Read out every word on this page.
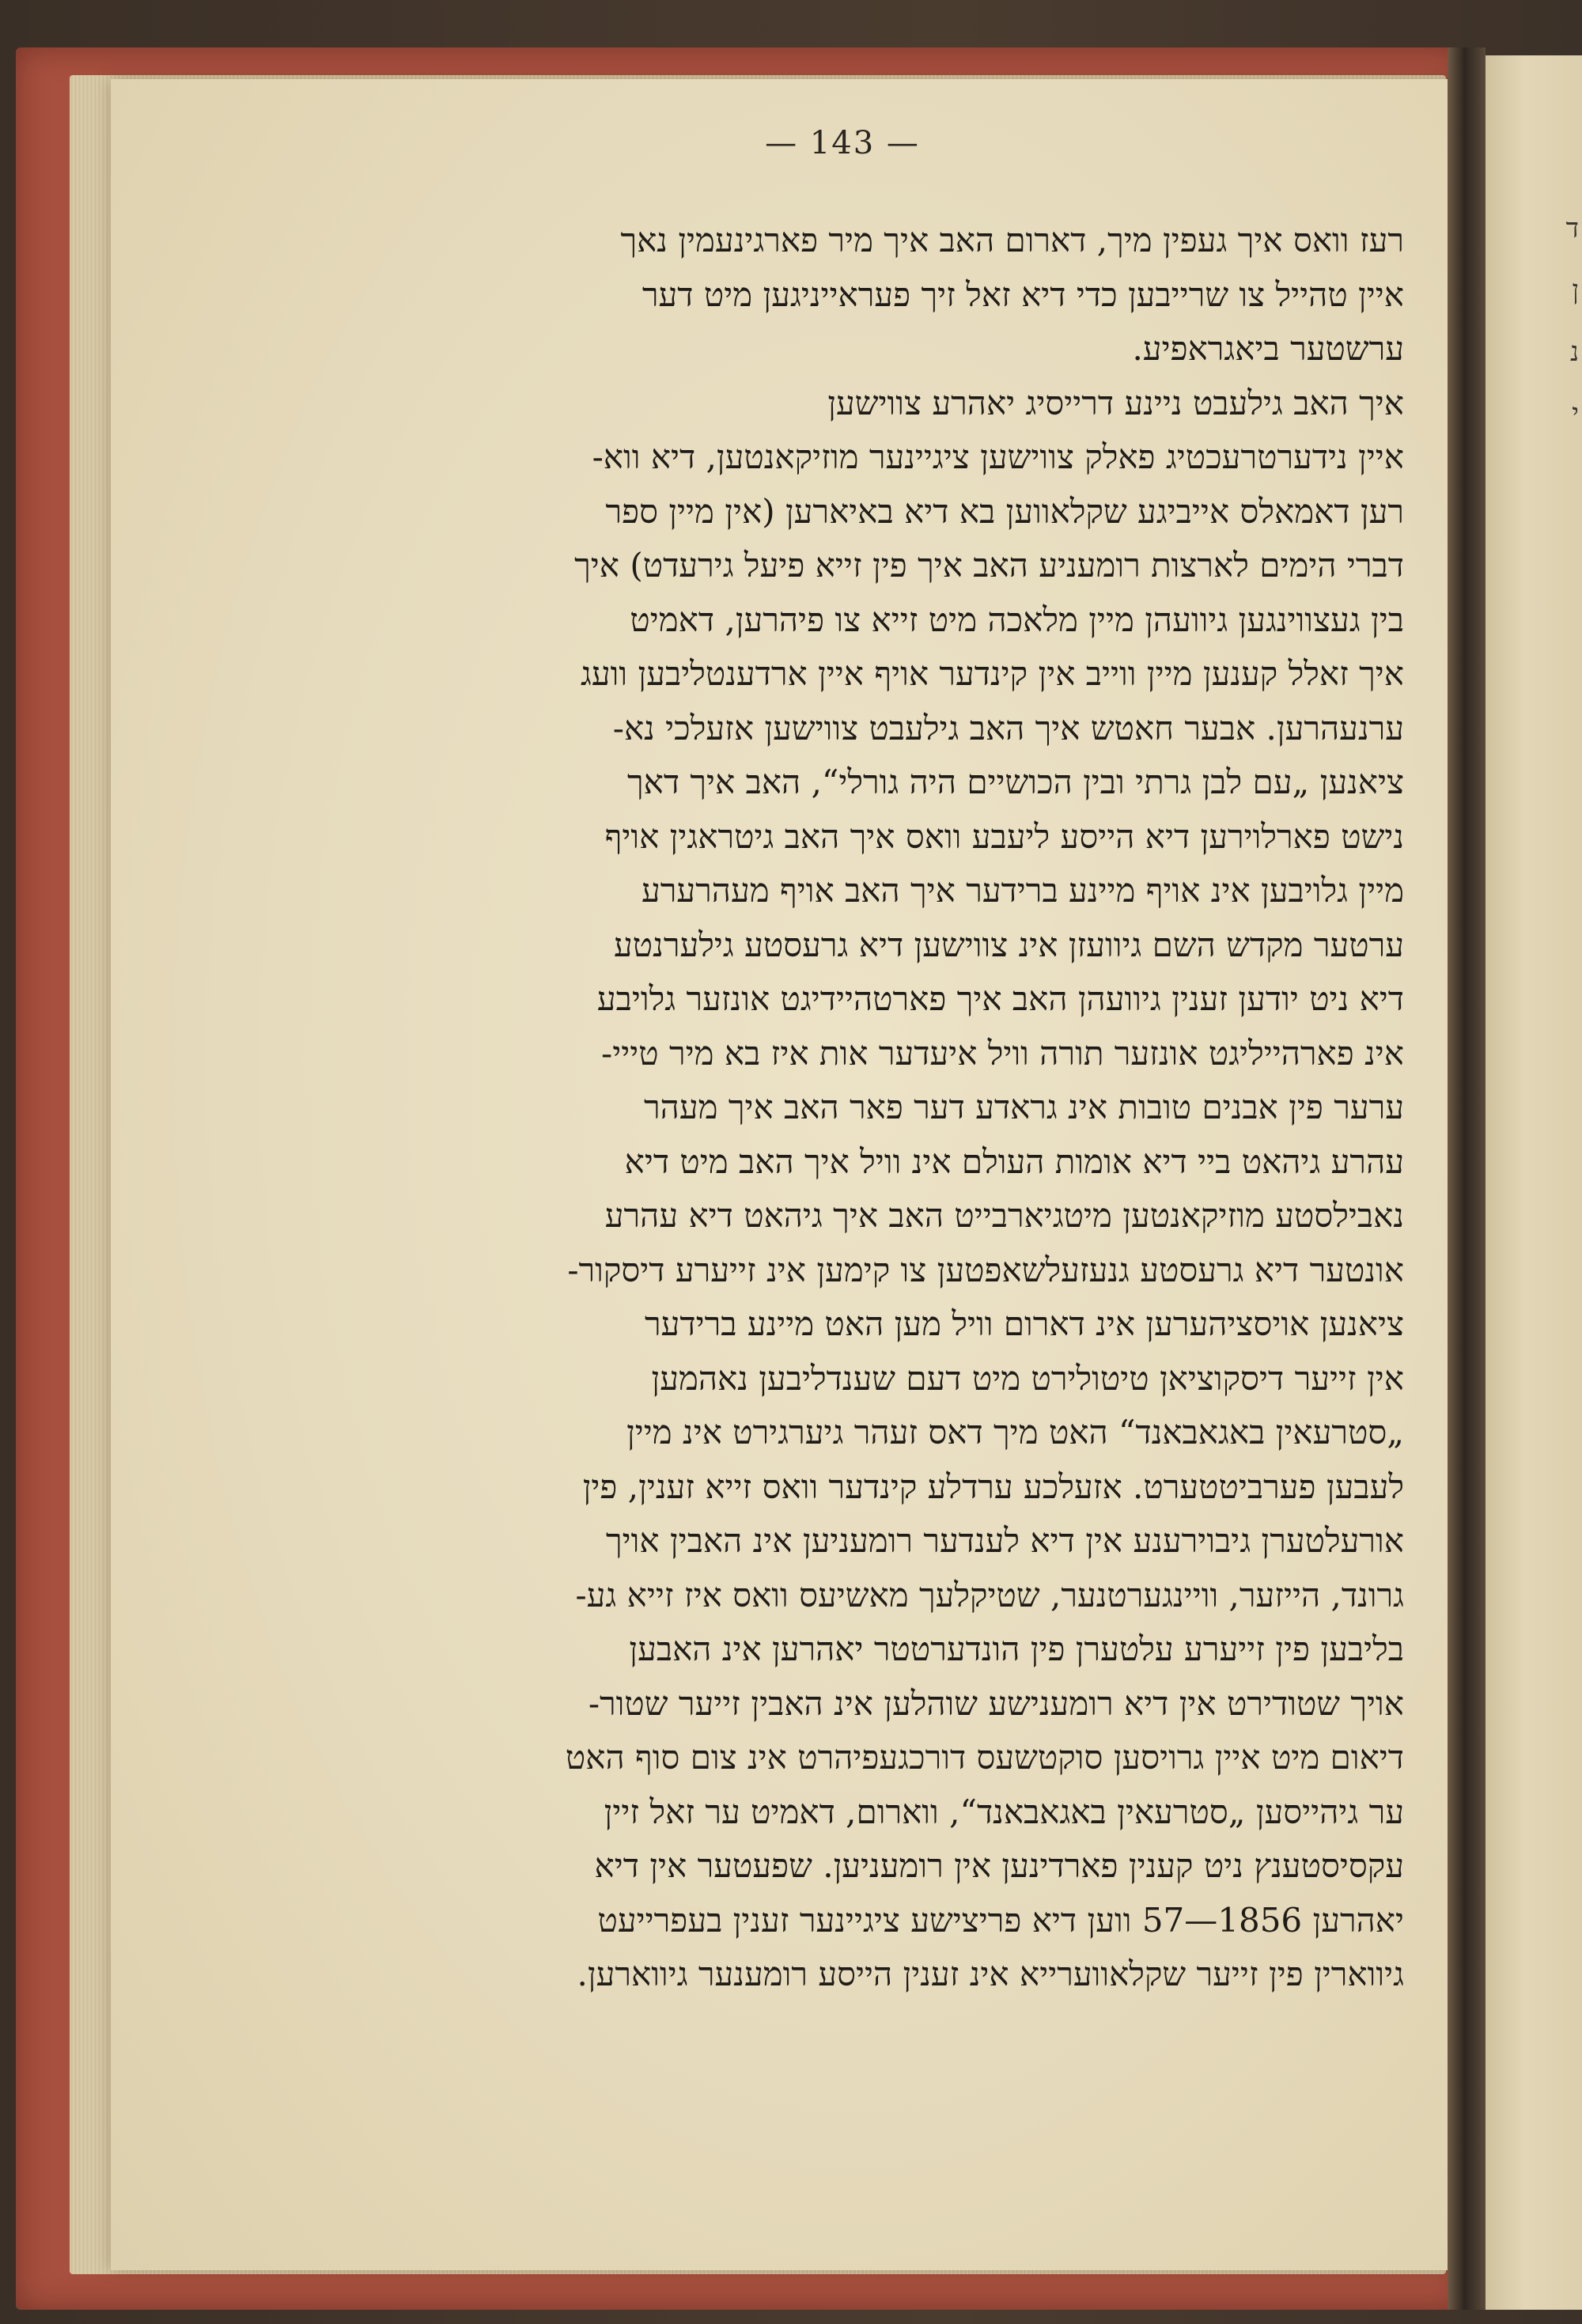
ד
ן
נ
י
— 143 —
רעז וואס איך געפין מיך, דארום האב איך מיר פארגינעמין נאך
איין טהייל צו שרייבען כדי דיא זאל זיך פעראייניגען מיט דער
ערשטער ביאגראפיע.
איך האב גילעבט ניינע דרייסיג יאהרע צווישען
איין נידערטרעכטיג פאלק צווישען ציגיינער מוזיקאנטען, דיא ווא-
רען דאמאלס אייביגע שקלאווען בא דיא באיארען (אין מיין ספר
דברי הימים לארצות רומעניע האב איך פין זייא פיעל גירעדט) איך
בין געצווינגען גיוועהן מיין מלאכה מיט זייא צו פיהרען, דאמיט
איך זאלל קענען מיין ווייב אין קינדער אויף איין ארדענטליבען וועג
ערנעהרען. אבער חאטש איך האב גילעבט צווישען אזעלכי נא-
ציאנען „עם לבן גרתי ובין הכושיים היה גורלי“, האב איך דאך
נישט פארלוירען דיא הייסע ליעבע וואס איך האב גיטראגין אויף
מיין גלויבען אינ אויף מיינע ברידער איך האב אויף מעהרערע
ערטער מקדש השם גיוועזן אינ צווישען דיא גרעסטע גילערנטע
דיא ניט יודען זענין גיוועהן האב איך פארטהיידיגט אונזער גלויבע
אינ פארהייליגט אונזער תורה וויל איעדער אות איז בא מיר טייי-
ערער פין אבנים טובות אינ גראדע דער פאר האב איך מעהר
עהרע גיהאט ביי דיא אומות העולם אינ וויל איך האב מיט דיא
נאבילסטע מוזיקאנטען מיטגיארבייט האב איך גיהאט דיא עהרע
אונטער דיא גרעסטע גנעזעלשאפטען צו קימען אינ זייערע דיסקור-
ציאנען אויסציהערען אינ דארום וויל מען האט מיינע ברידער
אין זייער דיסקוציאן טיטולירט מיט דעם שענדליבען נאהמען
„סטרעאין באגאבאנד“ האט מיך דאס זעהר גיערגירט אינ מיין
לעבען פערביטטערט. אזעלכע ערדלע קינדער וואס זייא זענין, פין
אורעלטערן גיבוירענע אין דיא לענדער רומעניען אינ האבין אויך
גרונד, הייזער, וויינגערטנער, שטיקלעך מאשיעס וואס איז זייא גע-
בליבען פין זייערע עלטערן פין הונדערטטר יאהרען אינ האבען
אויך שטודירט אין דיא רומענישע שוהלען אינ האבין זייער שטור-
דיאום מיט איין גרויסען סוקטשעס דורכגעפיהרט אינ צום סוף האט
ער גיהייסען „סטרעאין באגאבאנד“, ווארום, דאמיט ער זאל זיין
עקסיסטענץ ניט קענין פארדינען אין רומעניען. שפעטער אין דיא
יאהרען 1856—57 ווען דיא פריצישע ציגיינער זענין בעפרייעט
גיווארין פין זייער שקלאווערייא אינ זענין הייסע רומענער גיווארען.
